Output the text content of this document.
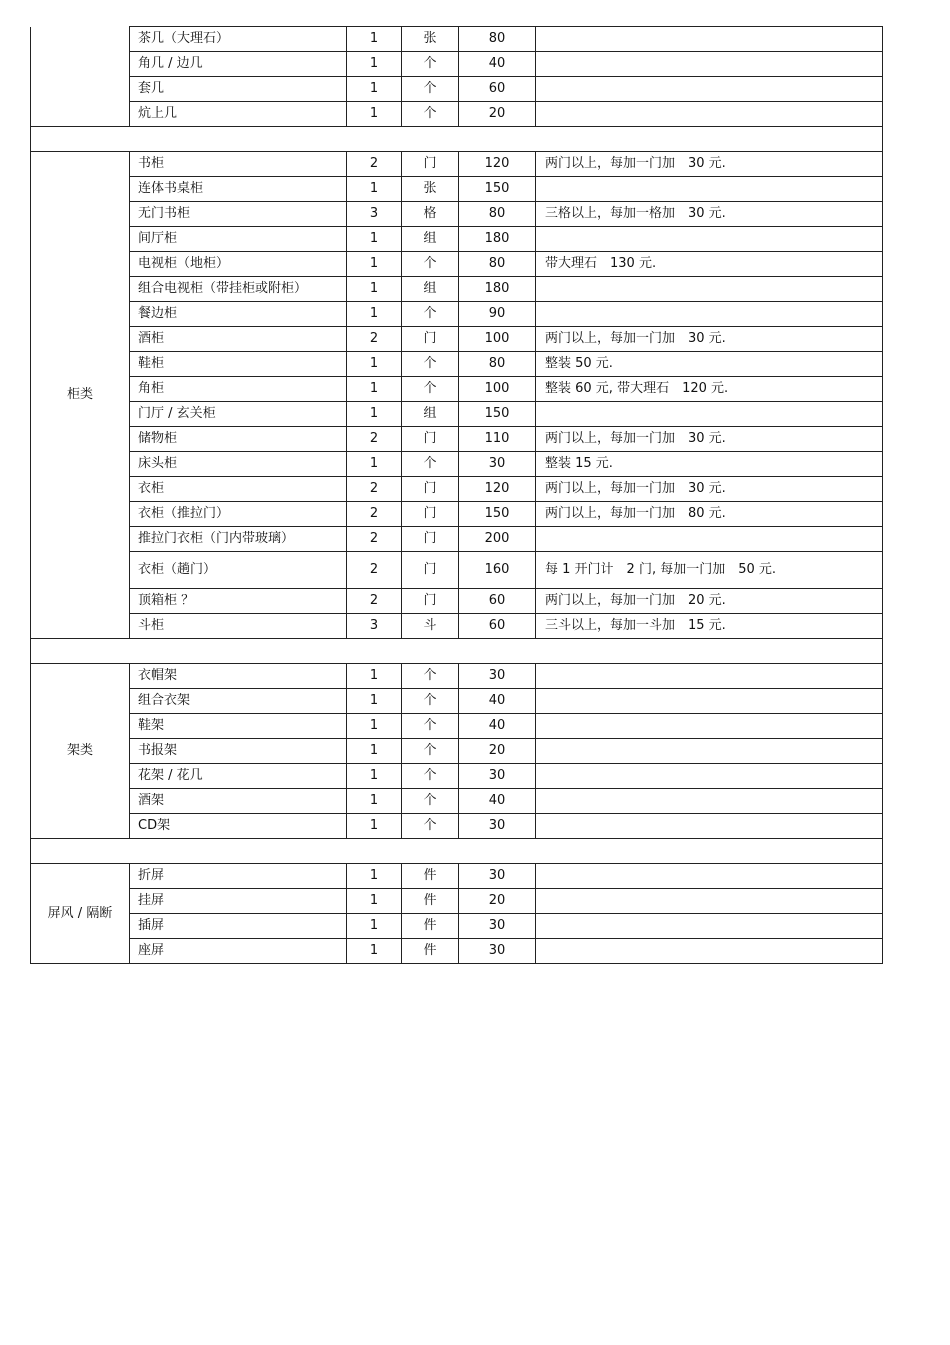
	茶几（大理石）	1	张	80	
	角几 / 边几	1	个	40	
	套几	1	个	60	
	炕上几	1	个	20	

柜类	书柜	2	门	120	两门以上，每加一门加　30 元.
	连体书桌柜	1	张	150	
	无门书柜	3	格	80	三格以上，每加一格加　30 元.
	间厅柜	1	组	180	
	电视柜（地柜）	1	个	80	带大理石　130 元.
	组合电视柜（带挂柜或附柜）	1	组	180	
	餐边柜	1	个	90	
	酒柜	2	门	100	两门以上，每加一门加　30 元.
	鞋柜	1	个	80	整装 50 元.
	角柜	1	个	100	整装 60 元, 带大理石　120 元.
	门厅 / 玄关柜	1	组	150	
	储物柜	2	门	110	两门以上，每加一门加　30 元.
	床头柜	1	个	30	整装 15 元.
	衣柜	2	门	120	两门以上，每加一门加　30 元.
	衣柜（推拉门）	2	门	150	两门以上，每加一门加　80 元.
	推拉门衣柜（门内带玻璃）	2	门	200	
	衣柜（趟门）	2	门	160	每 1 开门计　2 门, 每加一门加　50 元.
	顶箱柜 ？	2	门	60	两门以上，每加一门加　20 元.
	斗柜	3	斗	60	三斗以上，每加一斗加　15 元.

架类	衣帽架	1	个	30	
	组合衣架	1	个	40	
	鞋架	1	个	40	
	书报架	1	个	20	
	花架 / 花几	1	个	30	
	酒架	1	个	40	
	CD架	1	个	30	

屏风 / 隔断	折屏	1	件	30	
	挂屏	1	件	20	
	插屏	1	件	30	
	座屏	1	件	30	
